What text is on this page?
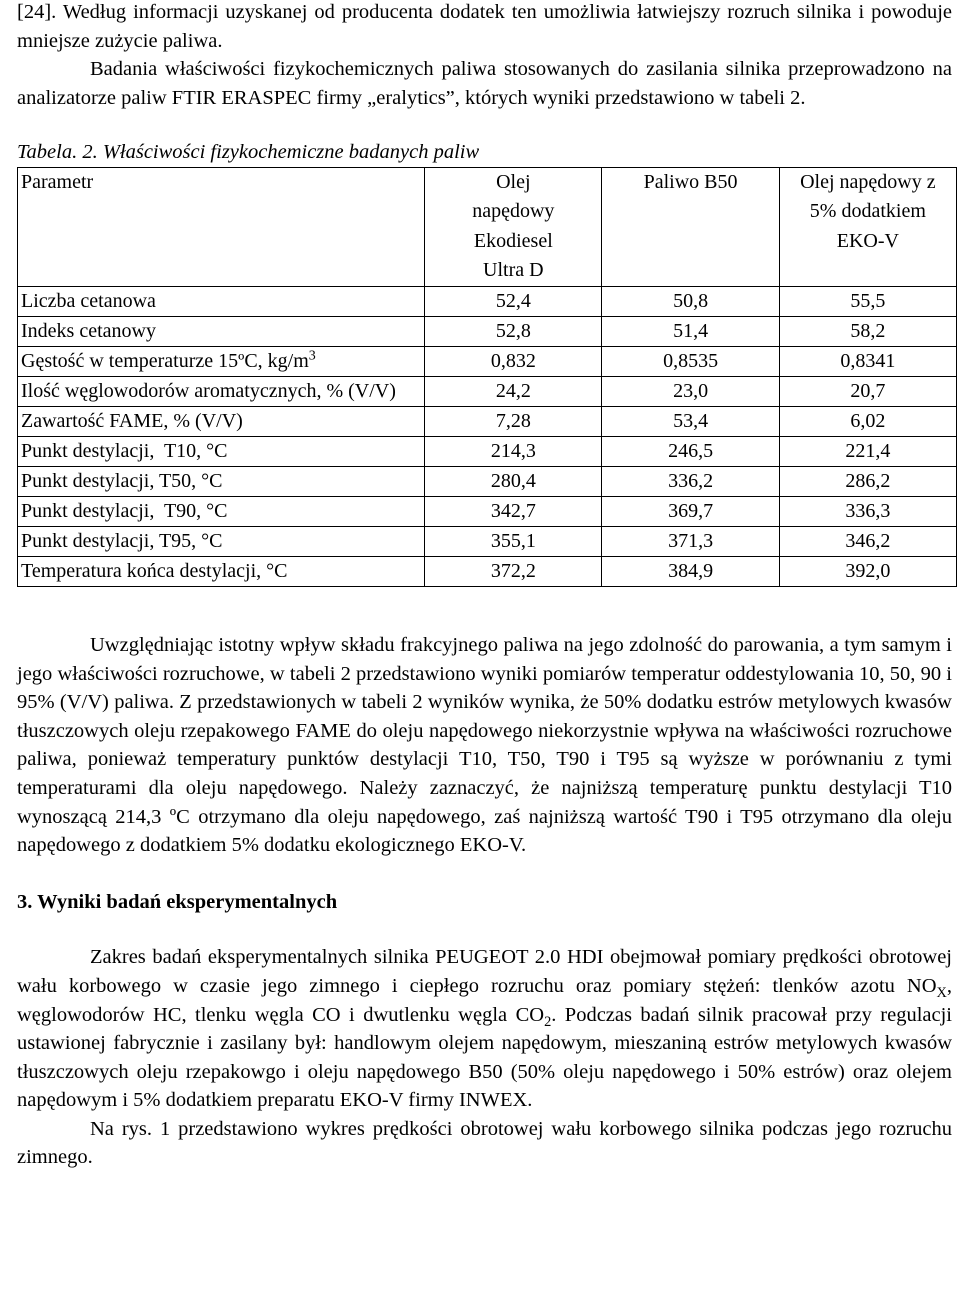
[24]. Według informacji uzyskanej od producenta dodatek ten umożliwia łatwiejszy rozruch silnika i powoduje mniejsze zużycie paliwa.

Badania właściwości fizykochemicznych paliwa stosowanych do zasilania silnika przeprowadzono na analizatorze paliw FTIR ERASPEC firmy „eralytics”, których wyniki przedstawiono w tabeli 2.

Tabela. 2. Właściwości fizykochemiczne badanych paliw

Parametr	Olej napędowy Ekodiesel Ultra D	Paliwo B50	Olej napędowy z 5% dodatkiem EKO-V

Liczba cetanowa	52,4	50,8	55,5
Indeks cetanowy	52,8	51,4	58,2
Gęstość w temperaturze 15ºC, $kg/m^3$	0,832	0,8535	0,8341
Ilość węglowodorów aromatycznych, % (V/V)	24,2	23,0	20,7
Zawartość FAME, % (V/V)	7,28	53,4	6,02
Punkt destylacji,  T10, °C	214,3	246,5	221,4
Punkt destylacji, T50, °C	280,4	336,2	286,2
Punkt destylacji,  T90, °C	342,7	369,7	336,3
Punkt destylacji, T95, °C	355,1	371,3	346,2
Temperatura końca destylacji, °C	372,2	384,9	392,0

Uwzględniając istotny wpływ składu frakcyjnego paliwa na jego zdolność do parowania, a tym samym i jego właściwości rozruchowe, w tabeli 2 przedstawiono wyniki pomiarów temperatur oddestylowania 10, 50, 90 i 95% (V/V) paliwa. Z przedstawionych w tabeli 2 wyników wynika, że 50% dodatku estrów metylowych kwasów tłuszczowych oleju rzepakowego FAME do oleju napędowego niekorzystnie wpływa na właściwości rozruchowe paliwa, ponieważ temperatury punktów destylacji T10, T50, T90 i T95 są wyższe w porównaniu z tymi temperaturami dla oleju napędowego. Należy zaznaczyć, że najniższą temperaturę punktu destylacji T10 wynoszącą 214,3 ºC otrzymano dla oleju napędowego, zaś najniższą wartość T90 i T95 otrzymano dla oleju napędowego z dodatkiem 5% dodatku ekologicznego EKO-V.

3. Wyniki badań eksperymentalnych

Zakres badań eksperymentalnych silnika PEUGEOT 2.0 HDI obejmował pomiary prędkości obrotowej wału korbowego w czasie jego zimnego i ciepłego rozruchu oraz pomiary stężeń: tlenków azotu $NO_X$, węglowodorów HC, tlenku węgla CO i dwutlenku węgla $CO_2$. Podczas badań silnik pracował przy regulacji ustawionej fabrycznie i zasilany był: handlowym olejem napędowym, mieszaniną estrów metylowych kwasów tłuszczowych oleju rzepakowgo i oleju napędowego B50 (50% oleju napędowego i 50% estrów) oraz olejem napędowym i 5% dodatkiem preparatu EKO-V firmy INWEX.

Na rys. 1 przedstawiono wykres prędkości obrotowej wału korbowego silnika podczas jego rozruchu zimnego.
